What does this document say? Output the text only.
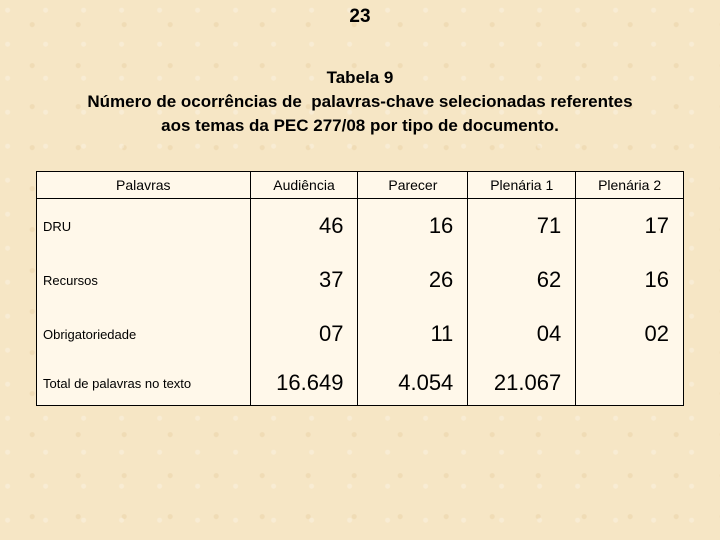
23
Tabela 9
Número de ocorrências de  palavras-chave selecionadas referentes
aos temas da PEC 277/08 por tipo de documento.
Palavras	Audiência	Parecer	Plenária 1	Plenária 2
DRU	46	16	71	17
Recursos	37	26	62	16
Obrigatoriedade	07	11	04	02
Total de palavras no texto	16.649	4.054	21.067	
